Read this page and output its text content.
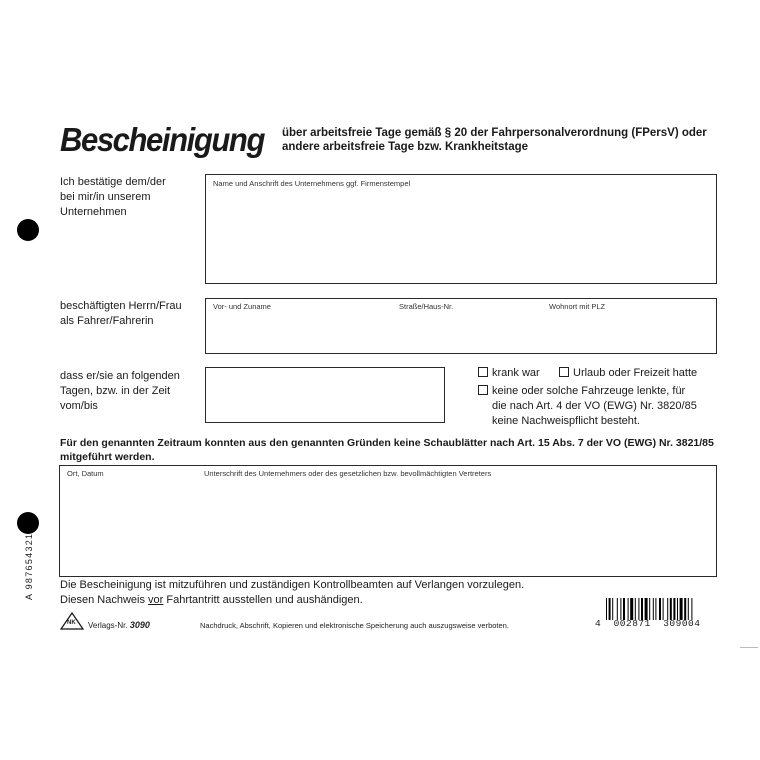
A 987654321
Bescheinigung über arbeitsfreie Tage gemäß § 20 der Fahrpersonalverordnung (FPersV) oder andere arbeitsfreie Tage bzw. Krankheitstage
Ich bestätige dem/der
bei mir/in unserem
Unternehmen
Name und Anschrift des Unternehmens ggf. Firmenstempel
beschäftigten Herrn/Frau
als Fahrer/Fahrerin
Vor- und Zuname	Straße/Haus-Nr.	Wohnort mit PLZ
dass er/sie an folgenden
Tagen, bzw. in der Zeit
vom/bis
krank war	Urlaub oder Freizeit hatte
keine oder solche Fahrzeuge lenkte, für
die nach Art. 4 der VO (EWG) Nr. 3820/85
keine Nachweispflicht besteht.
Für den genannten Zeitraum konnten aus den genannten Gründen keine Schaublätter nach Art. 15 Abs. 7 der VO (EWG) Nr. 3821/85 mitgeführt werden.
Ort, Datum	Unterschrift des Unternehmers oder des gesetzlichen bzw. bevollmächtigten Vertreters
Die Bescheinigung ist mitzuführen und zuständigen Kontrollbeamten auf Verlangen vorzulegen.
Diesen Nachweis vor Fahrtantritt ausstellen und aushändigen.
NK Verlags-Nr. 3090	Nachdruck, Abschrift, Kopieren und elektronische Speicherung auch auszugsweise verboten.	4  002871  309004
